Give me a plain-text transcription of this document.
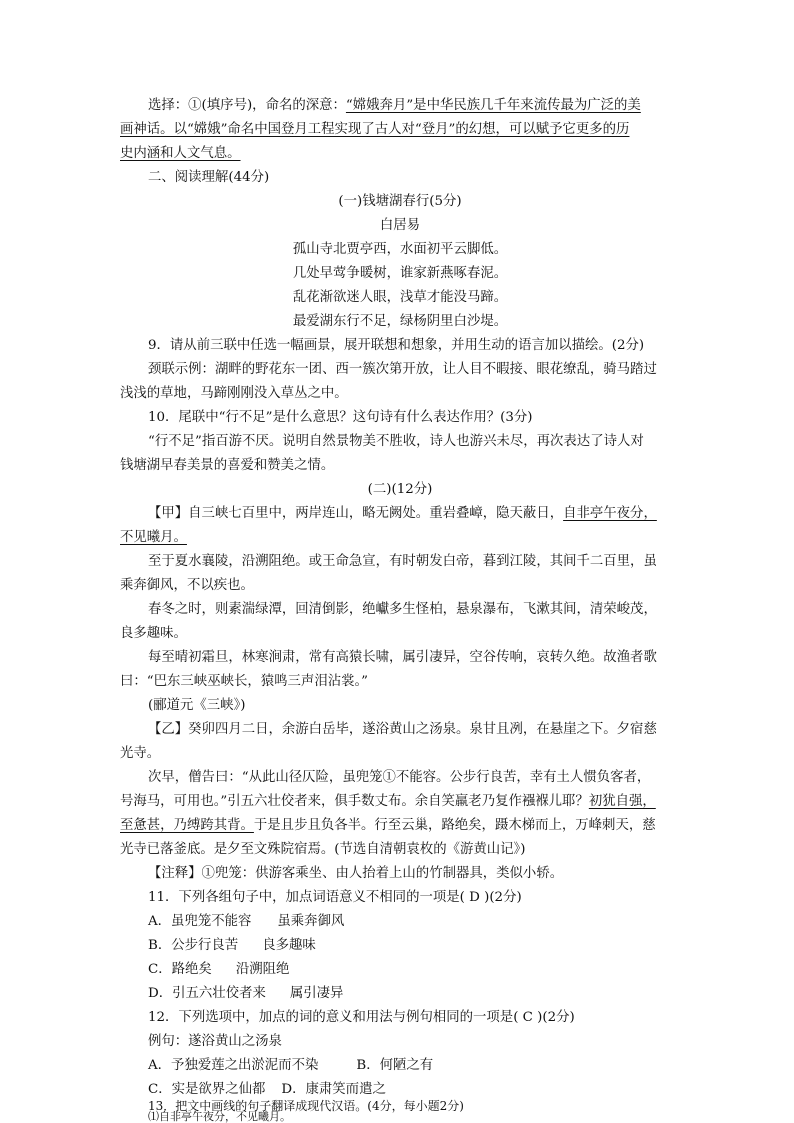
选择：①(填序号)，命名的深意：“嫦娥奔月”是中华民族几千年来流传最为广泛的美
画神话。以“嫦娥”命名中国登月工程实现了古人对“登月”的幻想，可以赋予它更多的历
史内涵和人文气息。
二、阅读理解(44分)
(一)钱塘湖春行(5分)
白居易
孤山寺北贾亭西，水面初平云脚低。
几处早莺争暖树，谁家新燕啄春泥。
乱花渐欲迷人眼，浅草才能没马蹄。
最爱湖东行不足，绿杨阴里白沙堤。
9．请从前三联中任选一幅画景，展开联想和想象，并用生动的语言加以描绘。(2分)
颈联示例：湖畔的野花东一团、西一簇次第开放，让人目不暇接、眼花缭乱，骑马踏过
浅浅的草地，马蹄刚刚没入草丛之中。
10．尾联中“行不足”是什么意思？这句诗有什么表达作用？(3分)
“行不足”指百游不厌。说明自然景物美不胜收，诗人也游兴未尽，再次表达了诗人对
钱塘湖早春美景的喜爱和赞美之情。
(二)(12分)
【甲】自三峡七百里中，两岸连山，略无阙处。重岩叠嶂，隐天蔽日，自非亭午夜分，
不见曦月。
至于夏水襄陵，沿溯阻绝。或王命急宣，有时朝发白帝，暮到江陵，其间千二百里，虽
乘奔御风，不以疾也。
春冬之时，则素湍绿潭，回清倒影，绝巘多生怪柏，悬泉瀑布，飞漱其间，清荣峻茂，
良多趣味。
每至晴初霜旦，林寒涧肃，常有高猿长啸，属引凄异，空谷传响，哀转久绝。故渔者歌
曰：“巴东三峡巫峡长，猿鸣三声泪沾裳。”
(郦道元《三峡》)
【乙】癸卯四月二日，余游白岳毕，遂浴黄山之汤泉。泉甘且冽，在悬崖之下。夕宿慈
光寺。
次早，僧告曰：“从此山径仄险，虽兜笼①不能容。公步行良苦，幸有土人惯负客者，
号海马，可用也。”引五六壮佼者来，俱手数丈布。余自笑羸老乃复作襁褓儿耶？初犹自强，
至惫甚，乃缚跨其背。于是且步且负各半。行至云巢，路绝矣，蹑木梯而上，万峰刺天，慈
光寺已落釜底。是夕至文殊院宿焉。(节选自清朝袁枚的《游黄山记》)
【注释】①兜笼：供游客乘坐、由人抬着上山的竹制器具，类似小轿。
11．下列各组句子中，加点词语意义不相同的一项是( D )(2分)
A．虽兜笼不能容 虽乘奔御风
B．公步行良苦 良多趣味
C．路绝矣 沿溯阻绝
D．引五六壮佼者来 属引凄异
12．下列选项中，加点的词的意义和用法与例句相同的一项是( C )(2分)
例句：遂浴黄山之汤泉
A．予独爱莲之出淤泥而不染	B．何陋之有
C．实是欲界之仙都 D．康肃笑而遣之
13．把文中画线的句子翻译成现代汉语。(4分，每小题2分)
⑴自非亭午夜分，不见曦月。
